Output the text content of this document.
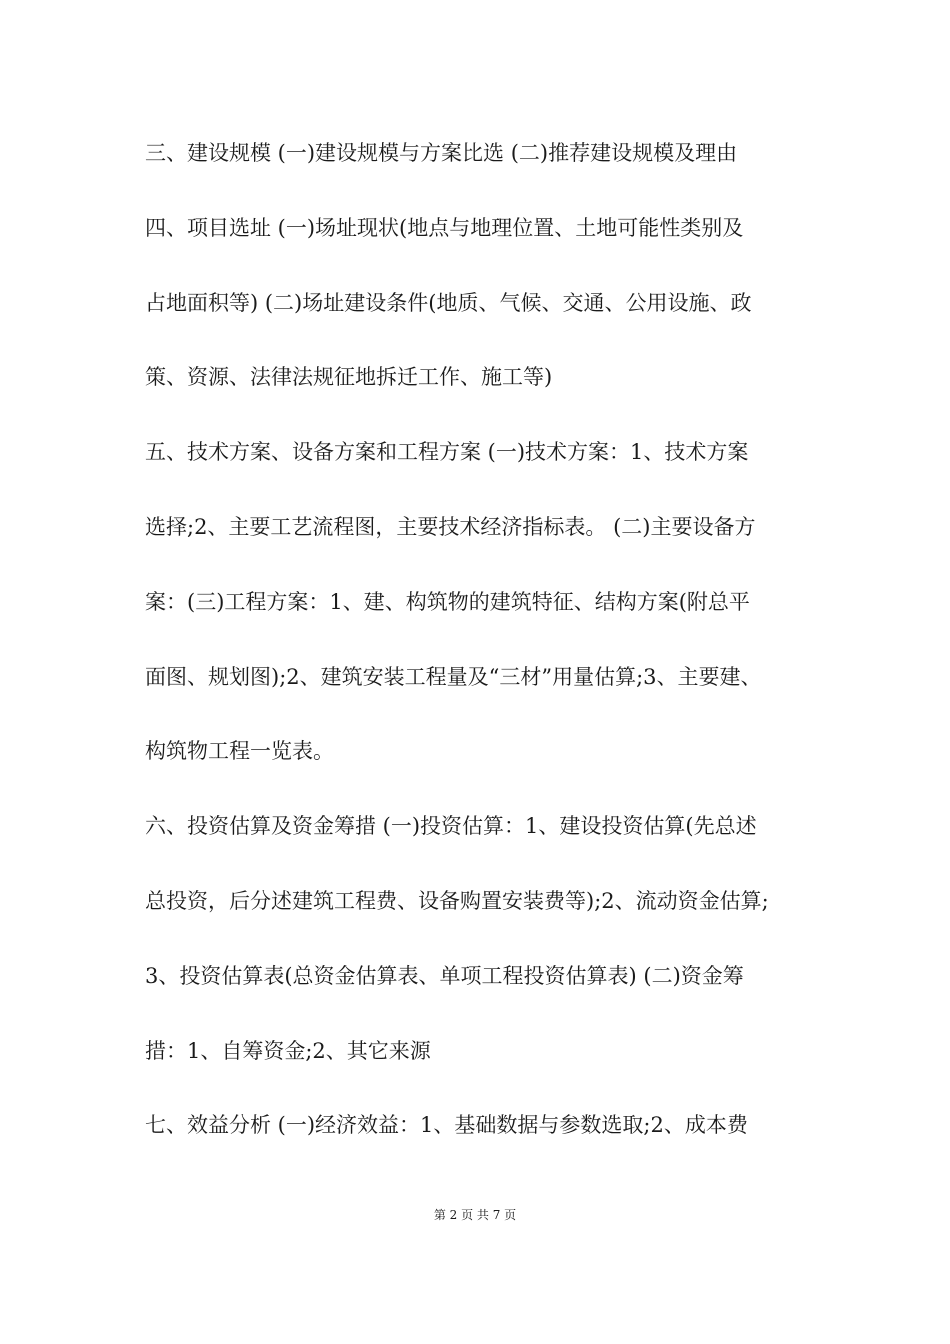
三、建设规模 (一)建设规模与方案比选 (二)推荐建设规模及理由
四、项目选址 (一)场址现状(地点与地理位置、土地可能性类别及
占地面积等) (二)场址建设条件(地质、气候、交通、公用设施、政
策、资源、法律法规征地拆迁工作、施工等)
五、技术方案、设备方案和工程方案 (一)技术方案：1、技术方案
选择;2、主要工艺流程图，主要技术经济指标表。 (二)主要设备方
案：(三)工程方案：1、建、构筑物的建筑特征、结构方案(附总平
面图、规划图);2、建筑安装工程量及“三材”用量估算;3、主要建、
构筑物工程一览表。
六、投资估算及资金筹措 (一)投资估算：1、建设投资估算(先总述
总投资，后分述建筑工程费、设备购置安装费等);2、流动资金估算;
3、投资估算表(总资金估算表、单项工程投资估算表) (二)资金筹
措：1、自筹资金;2、其它来源
七、效益分析 (一)经济效益：1、基础数据与参数选取;2、成本费
第 2 页 共 7 页
